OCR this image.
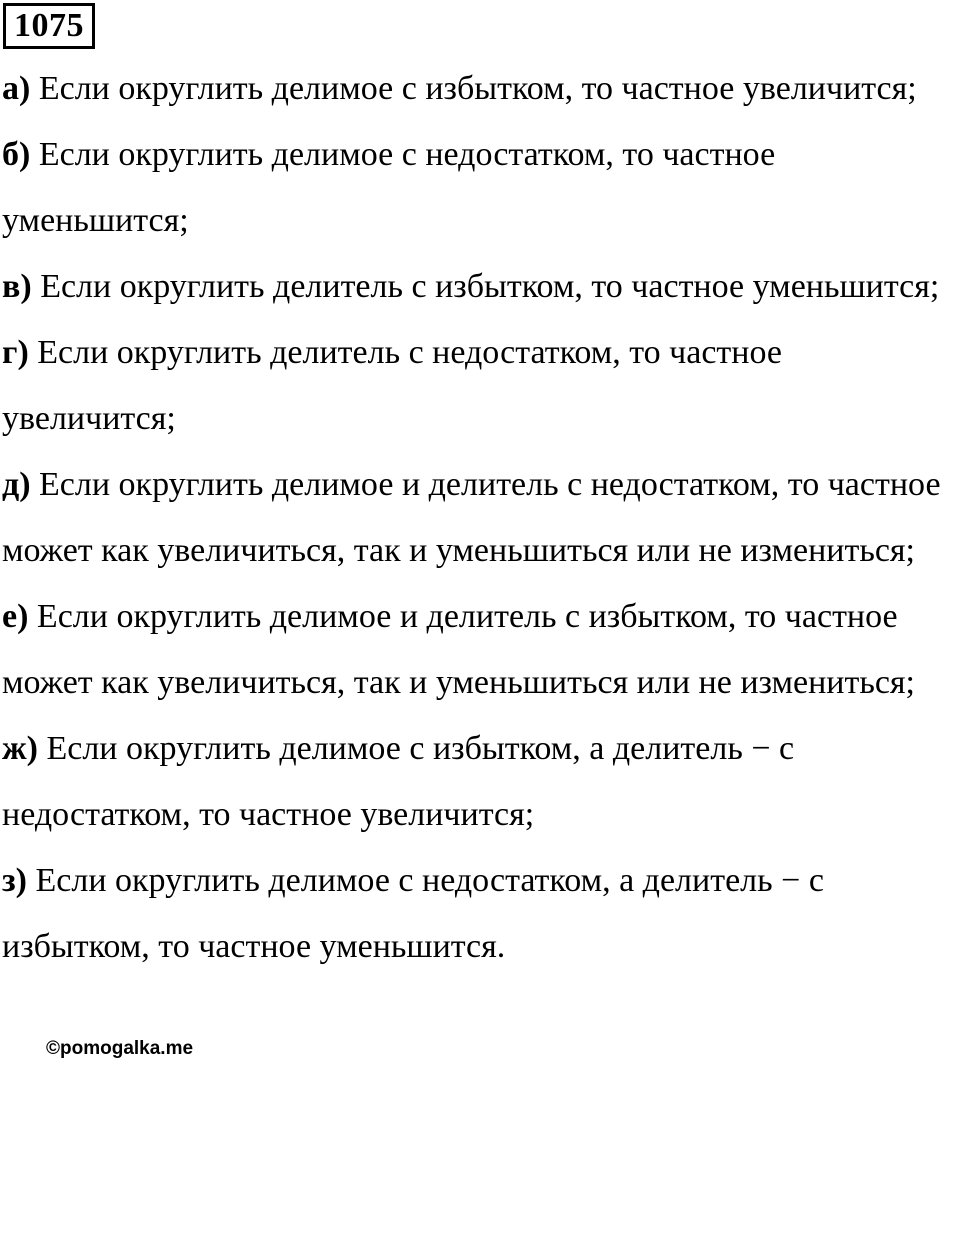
1075

а) Если округлить делимое с избытком, то частное увеличится;

б) Если округлить делимое с недостатком, то частное уменьшится;

в) Если округлить делитель с избытком, то частное уменьшится;

г) Если округлить делитель с недостатком, то частное увеличится;

д) Если округлить делимое и делитель с недостатком, то частное может как увеличиться, так и уменьшиться или не измениться;

е) Если округлить делимое и делитель с избытком, то частное может как увеличиться, так и уменьшиться или не измениться;

ж) Если округлить делимое с избытком, а делитель − с недостатком, то частное увеличится;

з) Если округлить делимое с недостатком, а делитель − с избытком, то частное уменьшится.

©pomogalka.me
